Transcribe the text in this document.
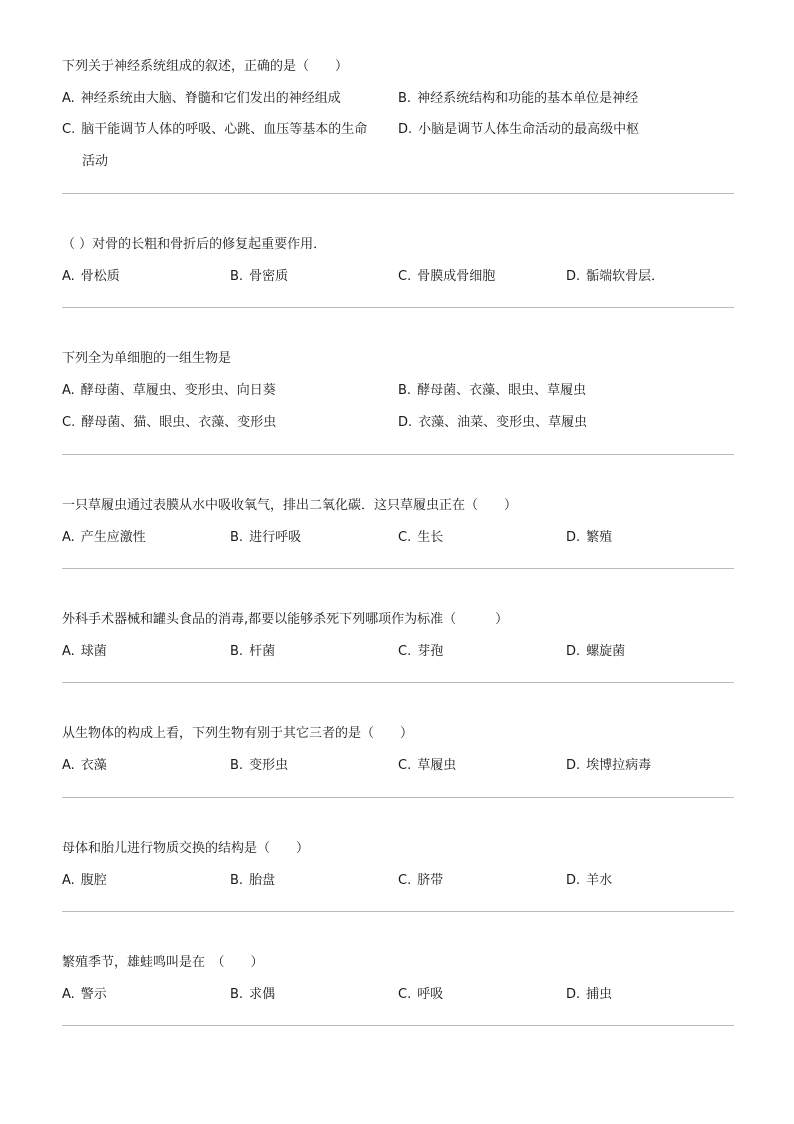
下列关于神经系统组成的叙述，正确的是（　　）
A. 神经系统由大脑、脊髓和它们发出的神经组成	B. 神经系统结构和功能的基本单位是神经
C. 脑干能调节人体的呼吸、心跳、血压等基本的生命
活动
D. 小脑是调节人体生命活动的最高级中枢
（ ）对骨的长粗和骨折后的修复起重要作用．
A. 骨松质	B. 骨密质	C. 骨膜成骨细胞	D. 骺端软骨层．
下列全为单细胞的一组生物是
A. 酵母菌、草履虫、变形虫、向日葵	B. 酵母菌、衣藻、眼虫、草履虫
C. 酵母菌、猫、眼虫、衣藻、变形虫	D. 衣藻、油菜、变形虫、草履虫
一只草履虫通过表膜从水中吸收氧气，排出二氧化碳．这只草履虫正在（　　）
A. 产生应激性	B. 进行呼吸	C. 生长	D. 繁殖
外科手术器械和罐头食品的消毒,都要以能够杀死下列哪项作为标准（　　　）
A. 球菌	B. 杆菌	C. 芽孢	D. 螺旋菌
从生物体的构成上看，下列生物有别于其它三者的是（　　）
A. 衣藻	B. 变形虫	C. 草履虫	D. 埃博拉病毒
母体和胎儿进行物质交换的结构是（　　）
A. 腹腔	B. 胎盘	C. 脐带	D. 羊水
繁殖季节，雄蛙鸣叫是在　（　　）
A. 警示	B. 求偶	C. 呼吸	D. 捕虫
